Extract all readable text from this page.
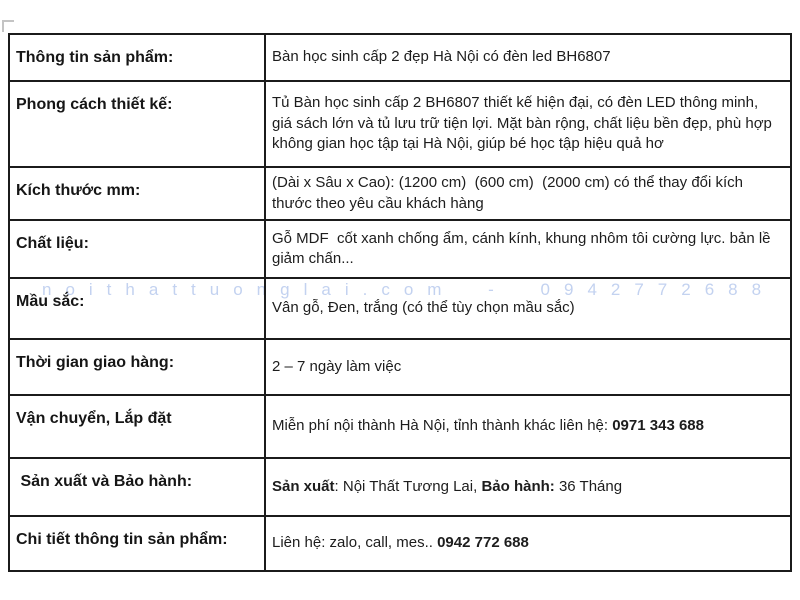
noithattuonglai.com - 0942772688
Thông tin sản phẩm:	Bàn học sinh cấp 2 đẹp Hà Nội có đèn led BH6807
Phong cách thiết kế:	Tủ Bàn học sinh cấp 2 BH6807 thiết kế hiện đại, có đèn LED thông minh, giá sách lớn và tủ lưu trữ tiện lợi. Mặt bàn rộng, chất liệu bền đẹp, phù hợp không gian học tập tại Hà Nội, giúp bé học tập hiệu quả hơ
Kích thước mm:	(Dài x Sâu x Cao): (1200 cm)  (600 cm)  (2000 cm) có thể thay đổi kích thước theo yêu cầu khách hàng
Chất liệu:	Gỗ MDF  cốt xanh chống ẩm, cánh kính, khung nhôm tôi cường lực. bản lề giảm chấn...
Mầu sắc:	Vân gỗ, Đen, trắng (có thể tùy chọn mầu sắc)
Thời gian giao hàng:	2 – 7 ngày làm việc
Vận chuyển, Lắp đặt	Miễn phí nội thành Hà Nội, tỉnh thành khác liên hệ: 0971 343 688
Sản xuất và Bảo hành:	Sản xuất: Nội Thất Tương Lai, Bảo hành: 36 Tháng
Chi tiết thông tin sản phẩm:	Liên hệ: zalo, call, mes.. 0942 772 688
